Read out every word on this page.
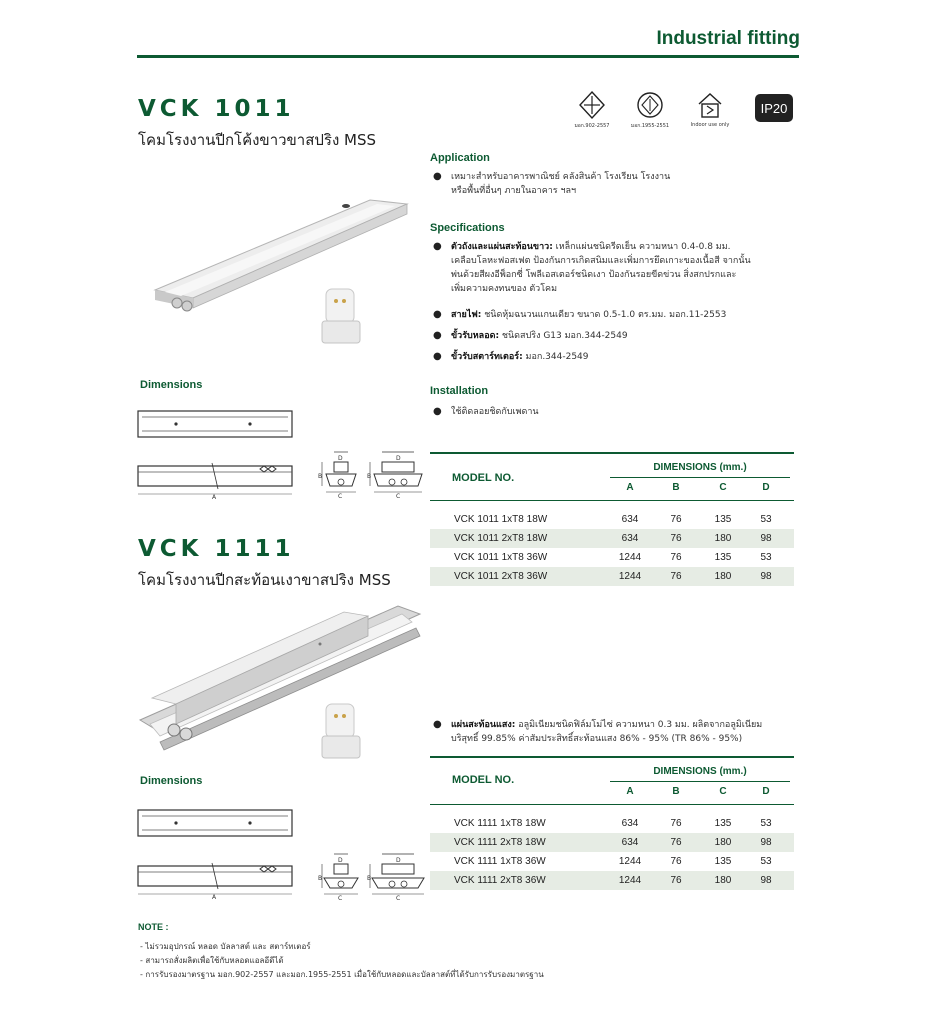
Industrial fitting
VCK 1011
โคมโรงงานปีกโค้งขาวขาสปริง MSS
มอก.902-2557	มอก.1955-2551	Indoor use only
IP20
Application
● เหมาะสำหรับอาคารพาณิชย์ คลังสินค้า โรงเรียน โรงงาน
หรือพื้นที่อื่นๆ ภายในอาคาร ฯลฯ
Specifications
● ตัวถังและแผ่นสะท้อนขาว: เหล็กแผ่นชนิดรีดเย็น ความหนา 0.4-0.8 มม.
เคลือบโลหะฟอสเฟต ป้องกันการเกิดสนิมและเพิ่มการยึดเกาะของเนื้อสี จากนั้น
พ่นด้วยสีผงอีพ็อกซี่ โพลีเอสเตอร์ชนิดเงา ป้องกันรอยขีดข่วน สิ่งสกปรกและ
เพิ่มความคงทนของ ตัวโคม
● สายไฟ: ชนิดหุ้มฉนวนแกนเดียว ขนาด 0.5-1.0 ตร.มม. มอก.11-2553
● ขั้วรับหลอด: ชนิดสปริง G13 มอก.344-2549
● ขั้วรับสตาร์ทเตอร์: มอก.344-2549
Installation
● ใช้ติดลอยชิดกับเพดาน
Dimensions
A
D
B
C
D
B
C
MODEL NO.
DIMENSIONS (mm.)
A	B	C	D
VCK 1011 1xT8 18W	634	76	135	53
VCK 1011 2xT8 18W	634	76	180	98
VCK 1011 1xT8 36W	1244	76	135	53
VCK 1011 2xT8 36W	1244	76	180	98
VCK 1111
โคมโรงงานปีกสะท้อนเงาขาสปริง MSS
● แผ่นสะท้อนแสง: อลูมิเนียมชนิดฟิล์มโม่ไซ่ ความหนา 0.3 มม. ผลิตจากอลูมิเนียม
บริสุทธิ์ 99.85% ค่าสัมประสิทธิ์สะท้อนแสง 86% - 95% (TR 86% - 95%)
Dimensions
A
D
B
C
D
B
C
MODEL NO.
DIMENSIONS (mm.)
A	B	C	D
VCK 1111 1xT8 18W	634	76	135	53
VCK 1111 2xT8 18W	634	76	180	98
VCK 1111 1xT8 36W	1244	76	135	53
VCK 1111 2xT8 36W	1244	76	180	98
NOTE :
- ไม่รวมอุปกรณ์ หลอด บัลลาสต์ และ สตาร์ทเตอร์
- สามารถสั่งผลิตเพื่อใช้กับหลอดแอลอีดีได้
- การรับรองมาตรฐาน มอก.902-2557 และมอก.1955-2551 เมื่อใช้กับหลอดและบัลลาสต์ที่ได้รับการรับรองมาตรฐาน
